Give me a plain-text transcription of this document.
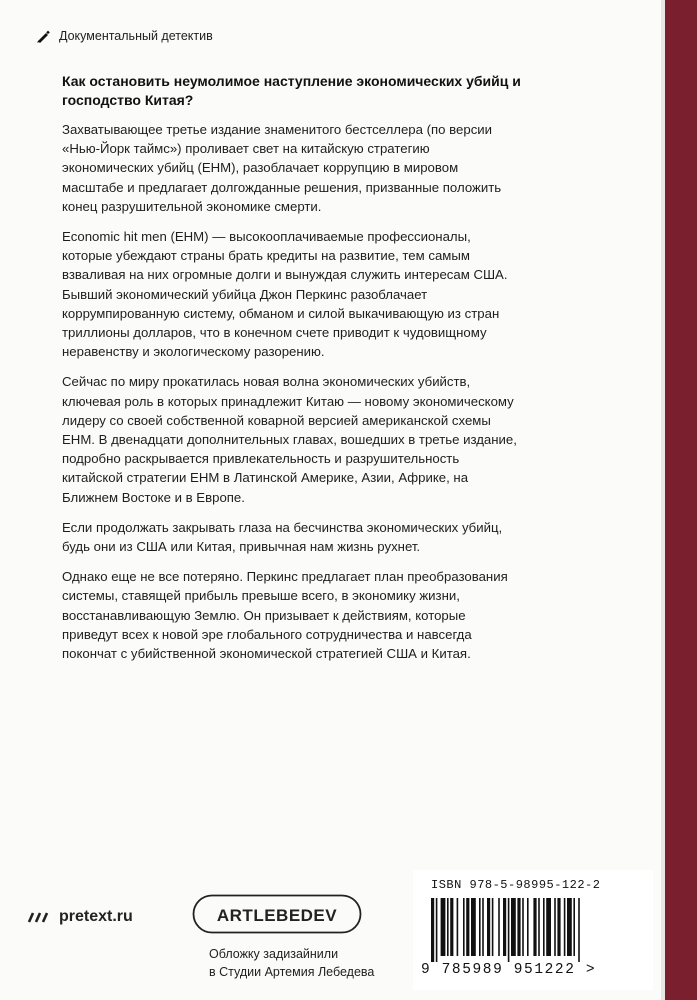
Документальный детектив

Как остановить неумолимое наступление экономических убийц и господство Китая?

Захватывающее третье издание знаменитого бестселлера (по версии «Нью-Йорк таймс») проливает свет на китайскую стратегию экономических убийц (ЕНМ), разоблачает коррупцию в мировом масштабе и предлагает долгожданные решения, призванные положить конец разрушительной экономике смерти.

Economic hit men (ЕНМ) — высокооплачиваемые профессионалы, которые убеждают страны брать кредиты на развитие, тем самым взваливая на них огромные долги и вынуждая служить интересам США. Бывший экономический убийца Джон Перкинс разоблачает коррумпированную систему, обманом и силой выкачивающую из стран триллионы долларов, что в конечном счете приводит к чудовищному неравенству и экологическому разорению.

Сейчас по миру прокатилась новая волна экономических убийств, ключевая роль в которых принадлежит Китаю — новому экономическому лидеру со своей собственной коварной версией американской схемы ЕНМ. В двенадцати дополнительных главах, вошедших в третье издание, подробно раскрывается привлекательность и разрушительность китайской стратегии ЕНМ в Латинской Америке, Азии, Африке, на Ближнем Востоке и в Европе.

Если продолжать закрывать глаза на бесчинства экономических убийц, будь они из США или Китая, привычная нам жизнь рухнет.

Однако еще не все потеряно. Перкинс предлагает план преобразования системы, ставящей прибыль превыше всего, в экономику жизни, восстанавливающую Землю. Он призывает к действиям, которые приведут всех к новой эре глобального сотрудничества и навсегда покончат с убийственной экономической стратегией США и Китая.

pretext.ru	ARTLEBEDEV
Обложку задизайнили
в Студии Артемия Лебедева
ISBN 978-5-98995-122-2
9 785989 951222 >
